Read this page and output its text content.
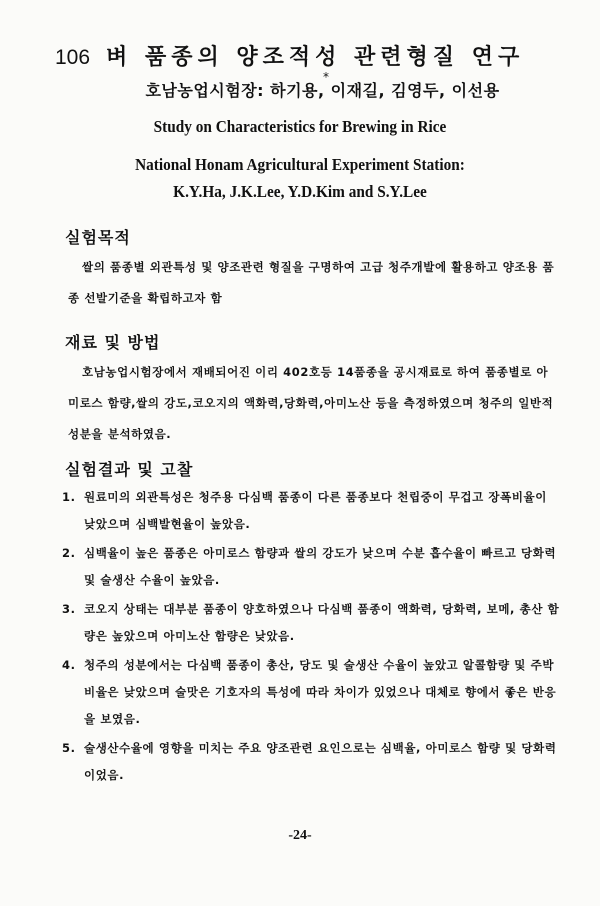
106 벼 품종의 양조적성 관련형질 연구
호남농업시험장: 하기용, 이재길, 김영두, 이선용
*
Study on Characteristics for Brewing in Rice
National Honam Agricultural Experiment Station:
K.Y.Ha, J.K.Lee, Y.D.Kim and S.Y.Lee
실험목적
쌀의 품종별 외관특성 및 양조관련 형질을 구명하여 고급 청주개발에 활용하고 양조용 품종 선발기준을 확립하고자 함
재료 및 방법
호남농업시험장에서 재배되어진 이리 402호등 14품종을 공시재료로 하여 품종별로 아미로스 함량,쌀의 강도,코오지의 액화력,당화력,아미노산 등을 측정하였으며 청주의 일반적 성분을 분석하였음.
실험결과 및 고찰
1. 원료미의 외관특성은 청주용 다심백 품종이 다른 품종보다 천립중이 무겁고 장폭비율이 낮았으며 심백발현율이 높았음.
2. 심백율이 높은 품종은 아미로스 함량과 쌀의 강도가 낮으며 수분 흡수율이 빠르고 당화력 및 술생산 수율이 높았음.
3. 코오지 상태는 대부분 품종이 양호하였으나 다심백 품종이 액화력, 당화력, 보메, 총산 함량은 높았으며 아미노산 함량은 낮았음.
4. 청주의 성분에서는 다심백 품종이 총산, 당도 및 술생산 수율이 높았고 알콜함량 및 주박비율은 낮았으며 술맛은 기호자의 특성에 따라 차이가 있었으나 대체로 향에서 좋은 반응을 보였음.
5. 술생산수율에 영향을 미치는 주요 양조관련 요인으로는 심백율, 아미로스 함량 및 당화력이었음.
-24-
